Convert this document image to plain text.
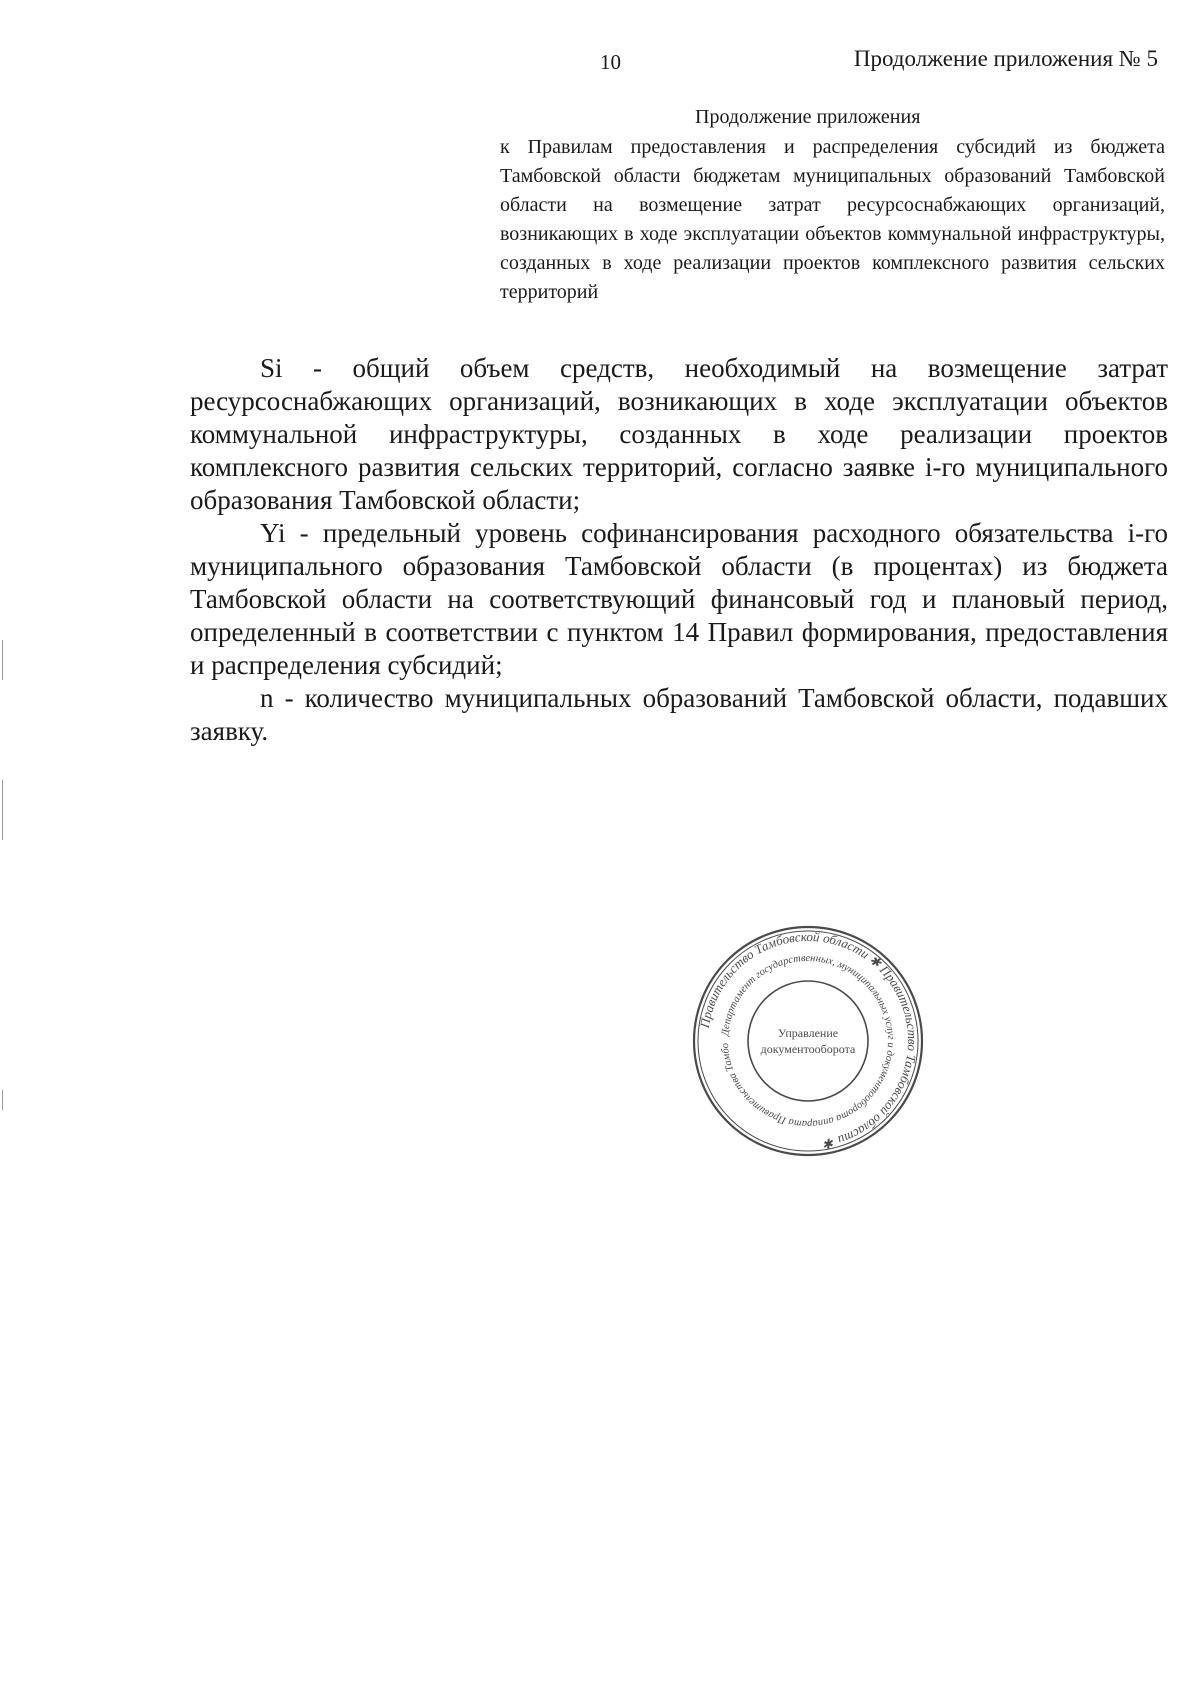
10	Продолжение приложения № 5
Продолжение приложения
к Правилам предоставления и распределения субсидий из бюджета Тамбовской области бюджетам муниципальных образований Тамбовской области на возмещение затрат ресурсоснабжающих организаций, возникающих в ходе эксплуатации объектов коммунальной инфраструктуры, созданных в ходе реализации проектов комплексного развития сельских территорий

Si - общий объем средств, необходимый на возмещение затрат ресурсоснабжающих организаций, возникающих в ходе эксплуатации объектов коммунальной инфраструктуры, созданных в ходе реализации проектов комплексного развития сельских территорий, согласно заявке i-го муниципального образования Тамбовской области;

Yi - предельный уровень софинансирования расходного обязательства i-го муниципального образования Тамбовской области (в процентах) из бюджета Тамбовской области на соответствующий финансовый год и плановый период, определенный в соответствии с пунктом 14 Правил формирования, предоставления и распределения субсидий;

n - количество муниципальных образований Тамбовской области, подавших заявку.

Правительство Тамбовской области ✱ Правительство Тамбовской области ✱
Департамент государственных, муниципальных услуг и документооборота аппарата Правительства Тамбо
Управление
документооборота
